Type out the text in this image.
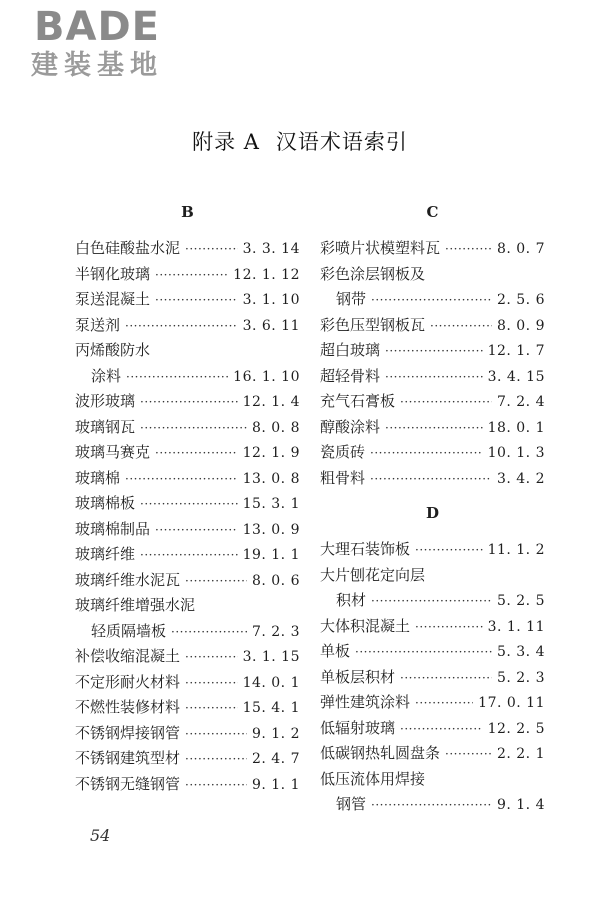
BADE
建装基地
附录 A 汉语术语索引
B
白色硅酸盐水泥 ·····	3. 3. 14
半钢化玻璃 ·····	12. 1. 12
泵送混凝土 ·····	3. 1. 10
泵送剂 ·····	3. 6. 11
丙烯酸防水
涂料 ·····	16. 1. 10
波形玻璃 ·····	12. 1. 4
玻璃钢瓦 ·····	8. 0. 8
玻璃马赛克 ·····	12. 1. 9
玻璃棉 ·····	13. 0. 8
玻璃棉板 ·····	15. 3. 1
玻璃棉制品 ·····	13. 0. 9
玻璃纤维 ·····	19. 1. 1
玻璃纤维水泥瓦 ·····	8. 0. 6
玻璃纤维增强水泥
轻质隔墙板 ·····	7. 2. 3
补偿收缩混凝土 ·····	3. 1. 15
不定形耐火材料 ·····	14. 0. 1
不燃性装修材料 ·····	15. 4. 1
不锈钢焊接钢管 ·····	9. 1. 2
不锈钢建筑型材 ·····	2. 4. 7
不锈钢无缝钢管 ·····	9. 1. 1
C
彩喷片状模塑料瓦 ·····	8. 0. 7
彩色涂层钢板及
钢带 ·····	2. 5. 6
彩色压型钢板瓦 ·····	8. 0. 9
超白玻璃 ·····	12. 1. 7
超轻骨料 ·····	3. 4. 15
充气石膏板 ·····	7. 2. 4
醇酸涂料 ·····	18. 0. 1
瓷质砖 ·····	10. 1. 3
粗骨料 ·····	3. 4. 2
D
大理石装饰板 ·····	11. 1. 2
大片刨花定向层
积材 ·····	5. 2. 5
大体积混凝土 ·····	3. 1. 11
单板 ·····	5. 3. 4
单板层积材 ·····	5. 2. 3
弹性建筑涂料 ·····	17. 0. 11
低辐射玻璃 ·····	12. 2. 5
低碳钢热轧圆盘条 ·····	2. 2. 1
低压流体用焊接
钢管 ·····	9. 1. 4
54
